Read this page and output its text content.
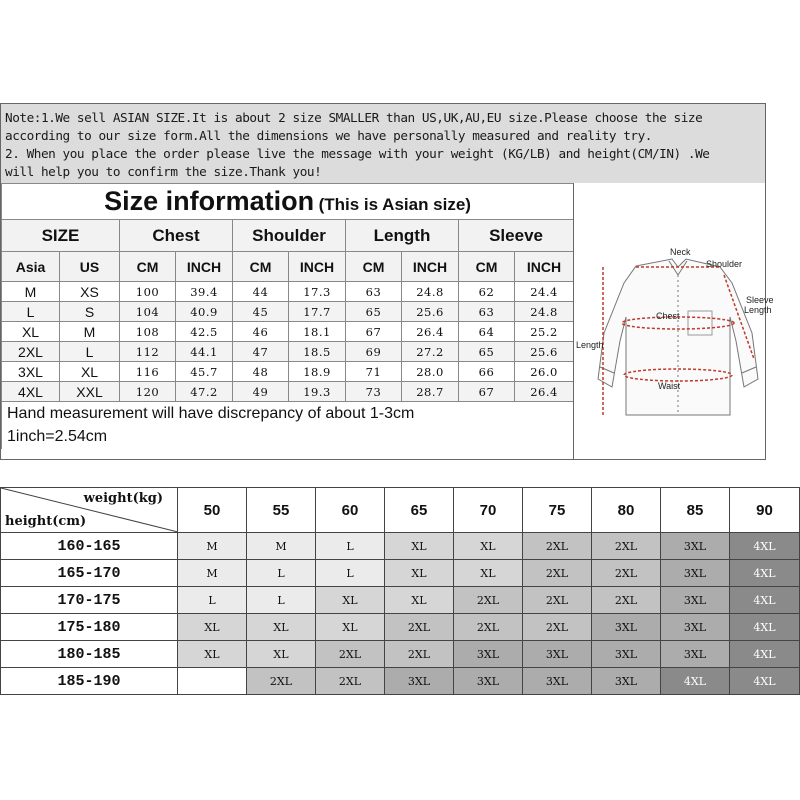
Note:1.We sell ASIAN SIZE.It is about 2 size SMALLER than US,UK,AU,EU size.Please choose the size
according to our size form.All the dimensions we have personally measured and reality try.
2. When you place the order please live the message with your weight (KG/LB) and height(CM/IN) .We
will help you to confirm the size.Thank you!
Size information (This is Asian size)									
SIZE		Chest		Shoulder		Length		Sleeve	
Asia	US	CM	INCH	CM	INCH	CM	INCH	CM	INCH
M	XS	100	39.4	44	17.3	63	24.8	62	24.4
L	S	104	40.9	45	17.7	65	25.6	63	24.8
XL	M	108	42.5	46	18.1	67	26.4	64	25.2
2XL	L	112	44.1	47	18.5	69	27.2	65	25.6
3XL	XL	116	45.7	48	18.9	71	28.0	66	26.0
4XL	XXL	120	47.2	49	19.3	73	28.7	67	26.4
Hand measurement will have discrepancy of about 1-3cm									
1inch=2.54cm									
Neck
Shoulder
Sleeve
Length
Chest
Length
Waist
weight(kg)
height(cm)	50	55	60	65	70	75	80	85	90
160-165	M	M	L	XL	XL	2XL	2XL	3XL	4XL
165-170	M	L	L	XL	XL	2XL	2XL	3XL	4XL
170-175	L	L	XL	XL	2XL	2XL	2XL	3XL	4XL
175-180	XL	XL	XL	2XL	2XL	2XL	3XL	3XL	4XL
180-185	XL	XL	2XL	2XL	3XL	3XL	3XL	3XL	4XL
185-190		2XL	2XL	3XL	3XL	3XL	3XL	4XL	4XL
